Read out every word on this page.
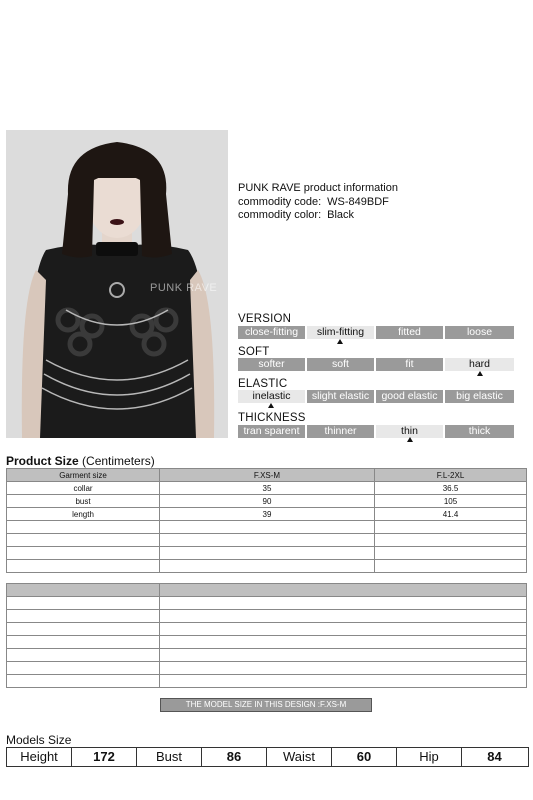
PUNK RAVE
PUNK RAVE product information
commodity code: WS-849BDF
commodity color: Black
VERSION
close-fitting	slim-fitting	fitted	loose
SOFT
softer	soft	fit	hard
ELASTIC
inelastic	slight elastic	good elastic	big elastic
THICKNESS
tran sparent	thinner	thin	thick
Product Size (Centimeters)
Garment size	F.XS-M	F.L-2XL
collar	35	36.5
bust	90	105
length	39	41.4

THE MODEL SIZE IN THIS DESIGN :F.XS-M
Models Size
Height	172	Bust	86	Waist	60	Hip	84
